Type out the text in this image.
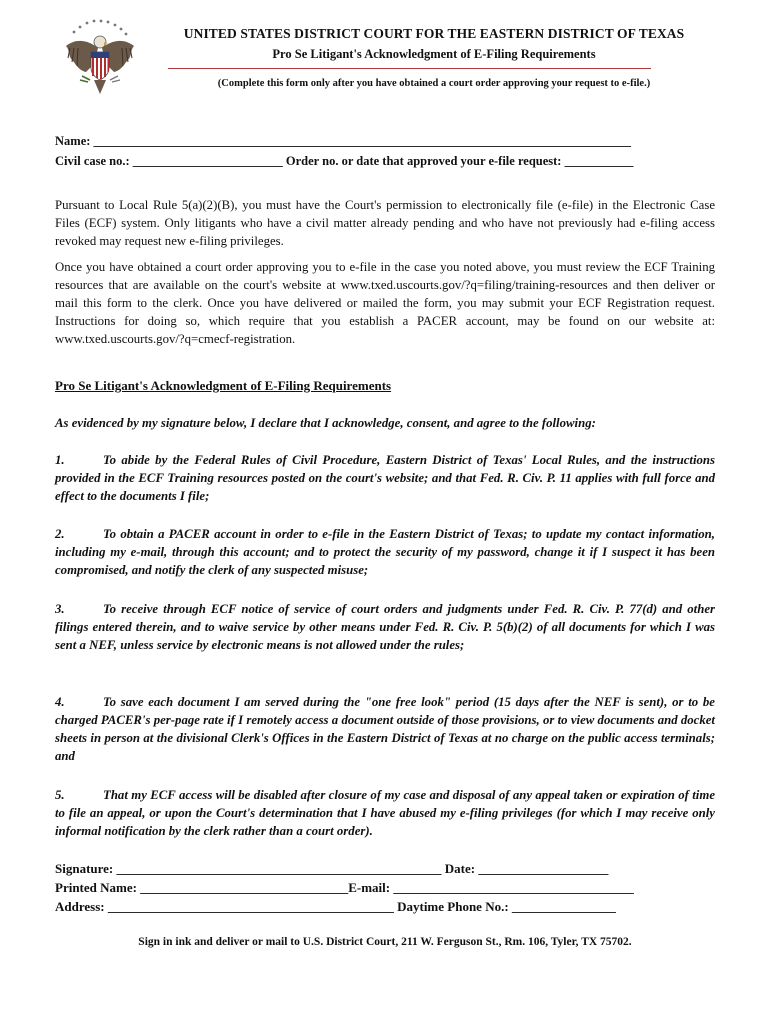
UNITED STATES DISTRICT COURT FOR THE EASTERN DISTRICT OF TEXAS
Pro Se Litigant's Acknowledgment of E-Filing Requirements
(Complete this form only after you have obtained a court order approving your request to e-file.)
Name: ______________________________________________________________________________________
Civil case no.: ________________________ Order no. or date that approved your e-file request: ___________
Pursuant to Local Rule 5(a)(2)(B), you must have the Court's permission to electronically file (e-file) in the Electronic Case Files (ECF) system. Only litigants who have a civil matter already pending and who have not previously had e-filing access revoked may request new e-filing privileges.
Once you have obtained a court order approving you to e-file in the case you noted above, you must review the ECF Training resources that are available on the court's website at www.txed.uscourts.gov/?q=filing/training-resources and then deliver or mail this form to the clerk. Once you have delivered or mailed the form, you may submit your ECF Registration request. Instructions for doing so, which require that you establish a PACER account, may be found on our website at: www.txed.uscourts.gov/?q=cmecf-registration.
Pro Se Litigant's Acknowledgment of E-Filing Requirements
As evidenced by my signature below, I declare that I acknowledge, consent, and agree to the following:
1.	To abide by the Federal Rules of Civil Procedure, Eastern District of Texas' Local Rules, and the instructions provided in the ECF Training resources posted on the court's website; and that Fed. R. Civ. P. 11 applies with full force and effect to the documents I file;
2.	To obtain a PACER account in order to e-file in the Eastern District of Texas; to update my contact information, including my e-mail, through this account; and to protect the security of my password, change it if I suspect it has been compromised, and notify the clerk of any suspected misuse;
3.	To receive through ECF notice of service of court orders and judgments under Fed. R. Civ. P. 77(d) and other filings entered therein, and to waive service by other means under Fed. R. Civ. P. 5(b)(2) of all documents for which I was sent a NEF, unless service by electronic means is not allowed under the rules;
4.	To save each document I am served during the "one free look" period (15 days after the NEF is sent), or to be charged PACER's per-page rate if I remotely access a document outside of those provisions, or to view documents and docket sheets in person at the divisional Clerk's Offices in the Eastern District of Texas at no charge on the public access terminals; and
5.	That my ECF access will be disabled after closure of my case and disposal of any appeal taken or expiration of time to file an appeal, or upon the Court's determination that I have abused my e-filing privileges (for which I may receive only informal notification by the clerk rather than a court order).
Signature: __________________________________________________ Date: ____________________
Printed Name: ________________________________E-mail: _____________________________________
Address: ____________________________________________ Daytime Phone No.: ________________
Sign in ink and deliver or mail to U.S. District Court, 211 W. Ferguson St., Rm. 106, Tyler, TX 75702.
